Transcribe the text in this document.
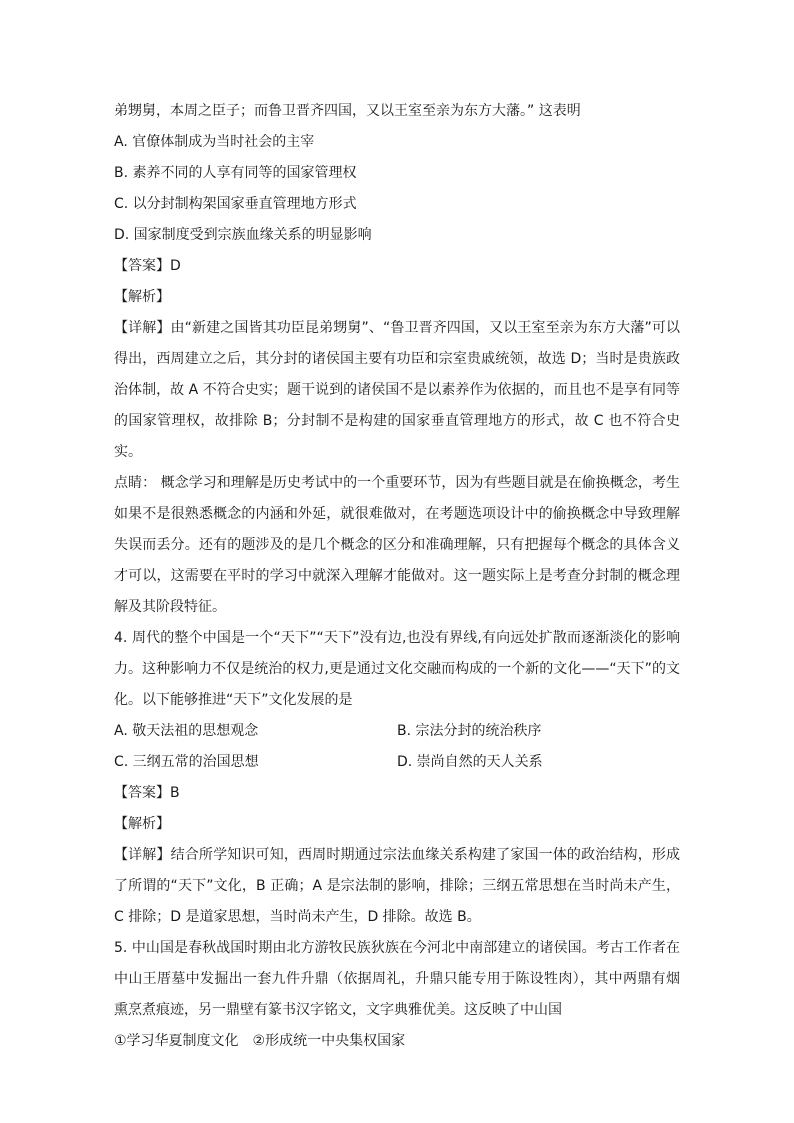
弟甥舅，本周之臣子；而鲁卫晋齐四国，又以王室至亲为东方大藩。” 这表明
A. 官僚体制成为当时社会的主宰
B. 素养不同的人享有同等的国家管理权
C. 以分封制构架国家垂直管理地方形式
D. 国家制度受到宗族血缘关系的明显影响
【答案】D
【解析】
【详解】由“新建之国皆其功臣昆弟甥舅”、“鲁卫晋齐四国，又以王室至亲为东方大藩”可以得出，西周建立之后，其分封的诸侯国主要有功臣和宗室贵戚统领，故选 D；当时是贵族政治体制，故 A 不符合史实；题干说到的诸侯国不是以素养作为依据的，而且也不是享有同等的国家管理权，故排除 B；分封制不是构建的国家垂直管理地方的形式，故 C 也不符合史实。
点睛： 概念学习和理解是历史考试中的一个重要环节，因为有些题目就是在偷换概念，考生如果不是很熟悉概念的内涵和外延，就很难做对，在考题选项设计中的偷换概念中导致理解失误而丢分。还有的题涉及的是几个概念的区分和准确理解，只有把握每个概念的具体含义才可以，这需要在平时的学习中就深入理解才能做对。这一题实际上是考查分封制的概念理解及其阶段特征。
4. 周代的整个中国是一个“天下”“天下”没有边,也没有界线,有向远处扩散而逐渐淡化的影响力。这种影响力不仅是统治的权力,更是通过文化交融而构成的一个新的文化——“天下”的文化。以下能够推进“天下”文化发展的是
A. 敬天法祖的思想观念	B. 宗法分封的统治秩序
C. 三纲五常的治国思想	D. 崇尚自然的天人关系
【答案】B
【解析】
【详解】结合所学知识可知，西周时期通过宗法血缘关系构建了家国一体的政治结构，形成了所谓的“天下”文化，B 正确；A 是宗法制的影响，排除；三纲五常思想在当时尚未产生，C 排除；D 是道家思想，当时尚未产生，D 排除。故选 B。
5. 中山国是春秋战国时期由北方游牧民族狄族在今河北中南部建立的诸侯国。考古工作者在中山王厝墓中发掘出一套九件升鼎（依据周礼，升鼎只能专用于陈设牲肉），其中两鼎有烟熏烹煮痕迹，另一鼎壁有篆书汉字铭文，文字典雅优美。这反映了中山国
①学习华夏制度文化　②形成统一中央集权国家
